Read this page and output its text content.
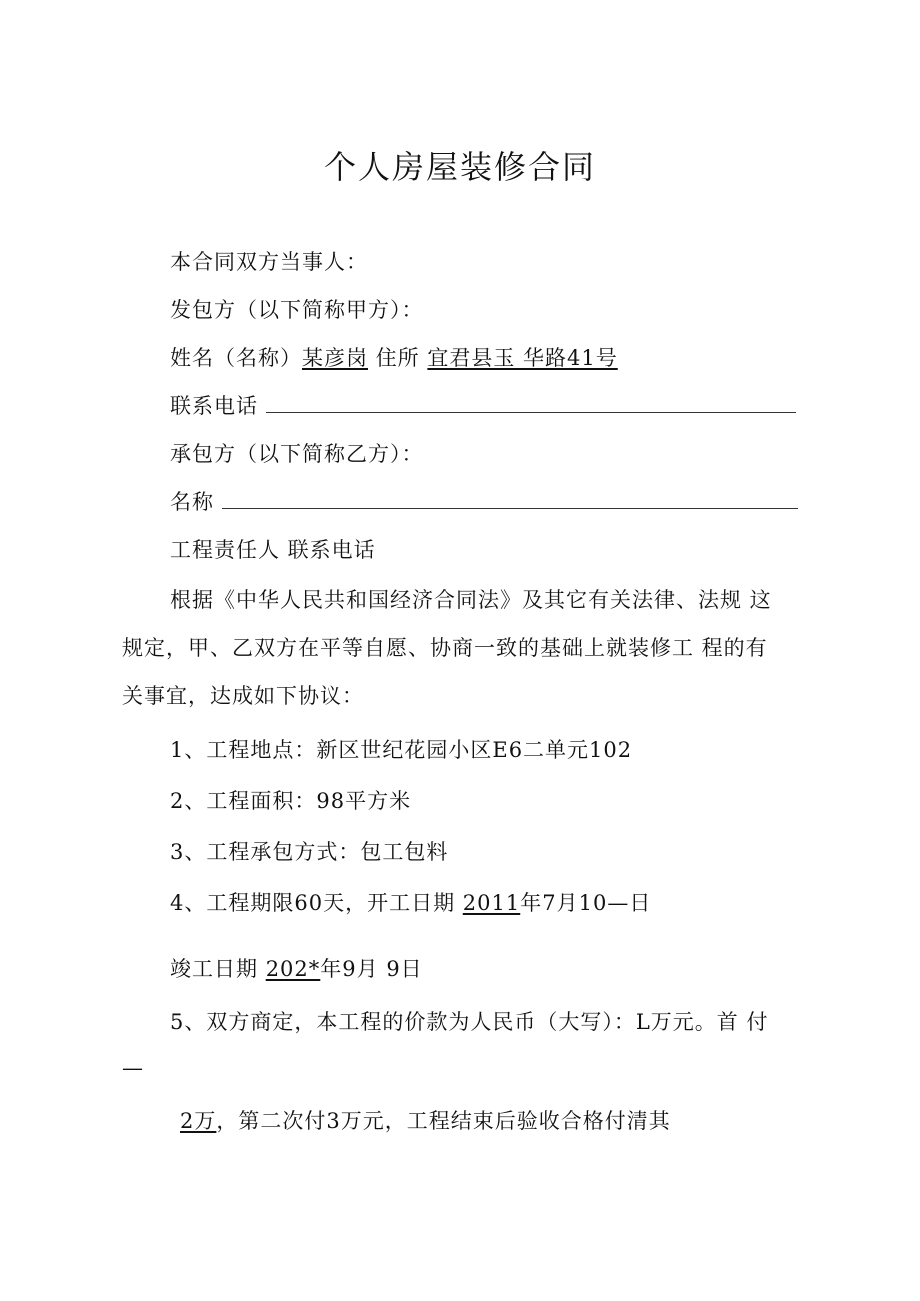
个人房屋装修合同
本合同双方当事人：
发包方（以下简称甲方）：
姓名（名称）某彦岗 住所 宜君县玉 华路41号
联系电话
承包方（以下简称乙方）：
名称
工程责任人 联系电话
根据《中华人民共和国经济合同法》及其它有关法律、法规 这
规定，甲、乙双方在平等自愿、协商一致的基础上就装修工 程的有
关事宜，达成如下协议：
1、工程地点：新区世纪花园小区E6二单元102
2、工程面积：98平方米
3、工程承包方式：包工包料
4、工程期限60天，开工日期 2011年7月10—日
竣工日期 202*年9月 9日
5、双方商定，本工程的价款为人民币（大写）：L万元。首 付
—
2万，第二次付3万元，工程结束后验收合格付清其
